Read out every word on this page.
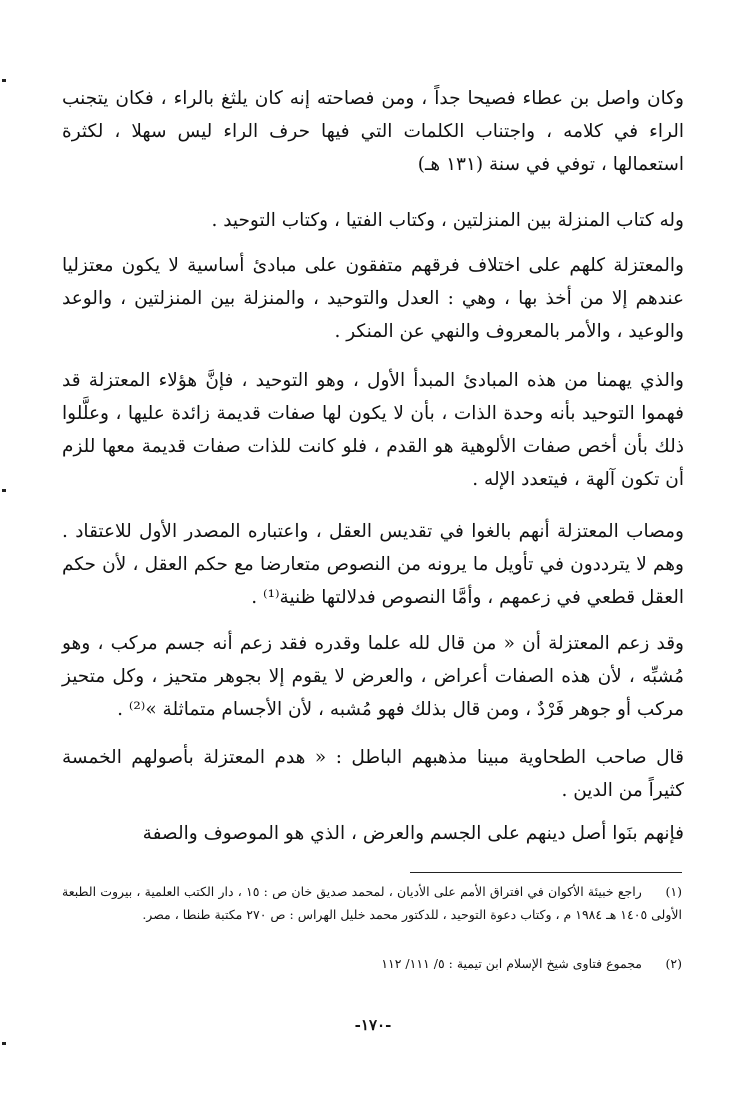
وكان واصل بن عطاء فصيحا جداً ، ومن فصاحته إنه كان يلثغ بالراء ، فكان يتجنب الراء في كلامه ، واجتناب الكلمات التي فيها حرف الراء ليس سهلا ، لكثرة استعمالها ، توفي في سنة (١٣١ هـ)

وله كتاب المنزلة بين المنزلتين ، وكتاب الفتيا ، وكتاب التوحيد .

والمعتزلة كلهم على اختلاف فرقهم متفقون على مبادئ أساسية لا يكون معتزليا عندهم إلا من أخذ بها ، وهي : العدل والتوحيد ، والمنزلة بين المنزلتين ، والوعد والوعيد ، والأمر بالمعروف والنهي عن المنكر .

والذي يهمنا من هذه المبادئ المبدأ الأول ، وهو التوحيد ، فإنَّ هؤلاء المعتزلة قد فهموا التوحيد بأنه وحدة الذات ، بأن لا يكون لها صفات قديمة زائدة عليها ، وعلَّلوا ذلك بأن أخص صفات الألوهية هو القدم ، فلو كانت للذات صفات قديمة معها للزم أن تكون آلهة ، فيتعدد الإله .

ومصاب المعتزلة أنهم بالغوا في تقديس العقل ، واعتباره المصدر الأول للاعتقاد . وهم لا يترددون في تأويل ما يرونه من النصوص متعارضا مع حكم العقل ، لأن حكم العقل قطعي في زعمهم ، وأمَّا النصوص فدلالتها ظنية⁽¹⁾ .

وقد زعم المعتزلة أن « من قال لله علما وقدره فقد زعم أنه جسم مركب ، وهو مُشبِّه ، لأن هذه الصفات أعراض ، والعرض لا يقوم إلا بجوهر متحيز ، وكل متحيز مركب أو جوهر فَرْدٌ ، ومن قال بذلك فهو مُشبه ، لأن الأجسام متماثلة »⁽²⁾ .

قال صاحب الطحاوية مبينا مذهبهم الباطل : « هدم المعتزلة بأصولهم الخمسة كثيراً من الدين .

فإنهم بنَوا أصل دينهم على الجسم والعرض ، الذي هو الموصوف والصفة

(١) راجع خبيئة الأكوان في افتراق الأمم على الأديان ، لمحمد صديق خان ص : ١٥ ، دار الكتب العلمية ، بيروت الطبعة الأولى ١٤٠٥ هـ ١٩٨٤ م ، وكتاب دعوة التوحيد ، للدكتور محمد خليل الهراس : ص ٢٧٠ مكتبة طنطا ، مصر.
(٢) مجموع فتاوى شيخ الإسلام ابن تيمية : ٥/ ١١١/ ١١٢
-١٧٠-
